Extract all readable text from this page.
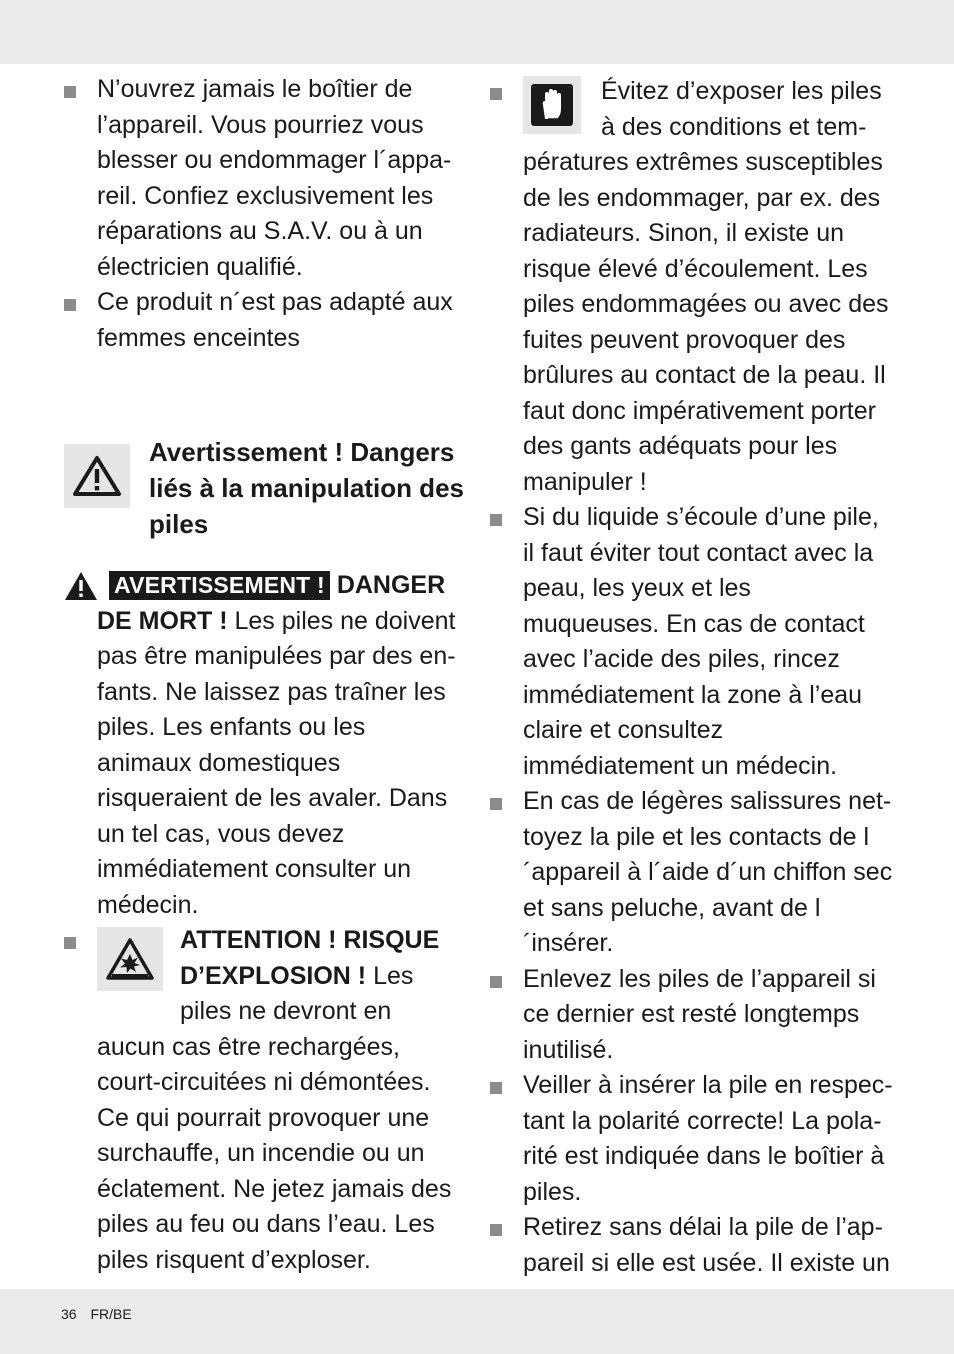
N’ouvrez jamais le boîtier de l’appareil. Vous pourriez vous blesser ou endommager l´appa-reil. Confiez exclusivement les réparations au S.A.V. ou à un électricien qualifié.
Ce produit n´est pas adapté aux femmes enceintes
Avertissement ! Dangers liés à la manipulation des piles
AVERTISSEMENT ! DANGER DE MORT ! Les piles ne doivent pas être manipulées par des en-fants. Ne laissez pas traîner les piles. Les enfants ou les animaux domestiques risqueraient de les avaler. Dans un tel cas, vous devez immédiatement consulter un médecin.
ATTENTION ! RISQUE D’EXPLOSION ! Les piles ne devront en aucun cas être rechargées, court-circuitées ni démontées. Ce qui pourrait provoquer une surchauffe, un incendie ou un éclatement. Ne jetez jamais des piles au feu ou dans l’eau. Les piles risquent d’exploser.
Évitez d’exposer les piles à des conditions et tem-pératures extrêmes susceptibles de les endommager, par ex. des radiateurs. Sinon, il existe un risque élevé d’écoulement. Les piles endommagées ou avec des fuites peuvent provoquer des brûlures au contact de la peau. Il faut donc impérativement porter des gants adéquats pour les manipuler !
Si du liquide s’écoule d’une pile, il faut éviter tout contact avec la peau, les yeux et les muqueuses. En cas de contact avec l’acide des piles, rincez immédiatement la zone à l’eau claire et consultez immédiatement un médecin.
En cas de légères salissures net-toyez la pile et les contacts de l´appareil à l´aide d´un chiffon sec et sans peluche, avant de l´insérer.
Enlevez les piles de l’appareil si ce dernier est resté longtemps inutilisé.
Veiller à insérer la pile en respec-tant la polarité correcte! La pola-rité est indiquée dans le boîtier à piles.
Retirez sans délai la pile de l’ap-pareil si elle est usée. Il existe un
36 FR/BE
